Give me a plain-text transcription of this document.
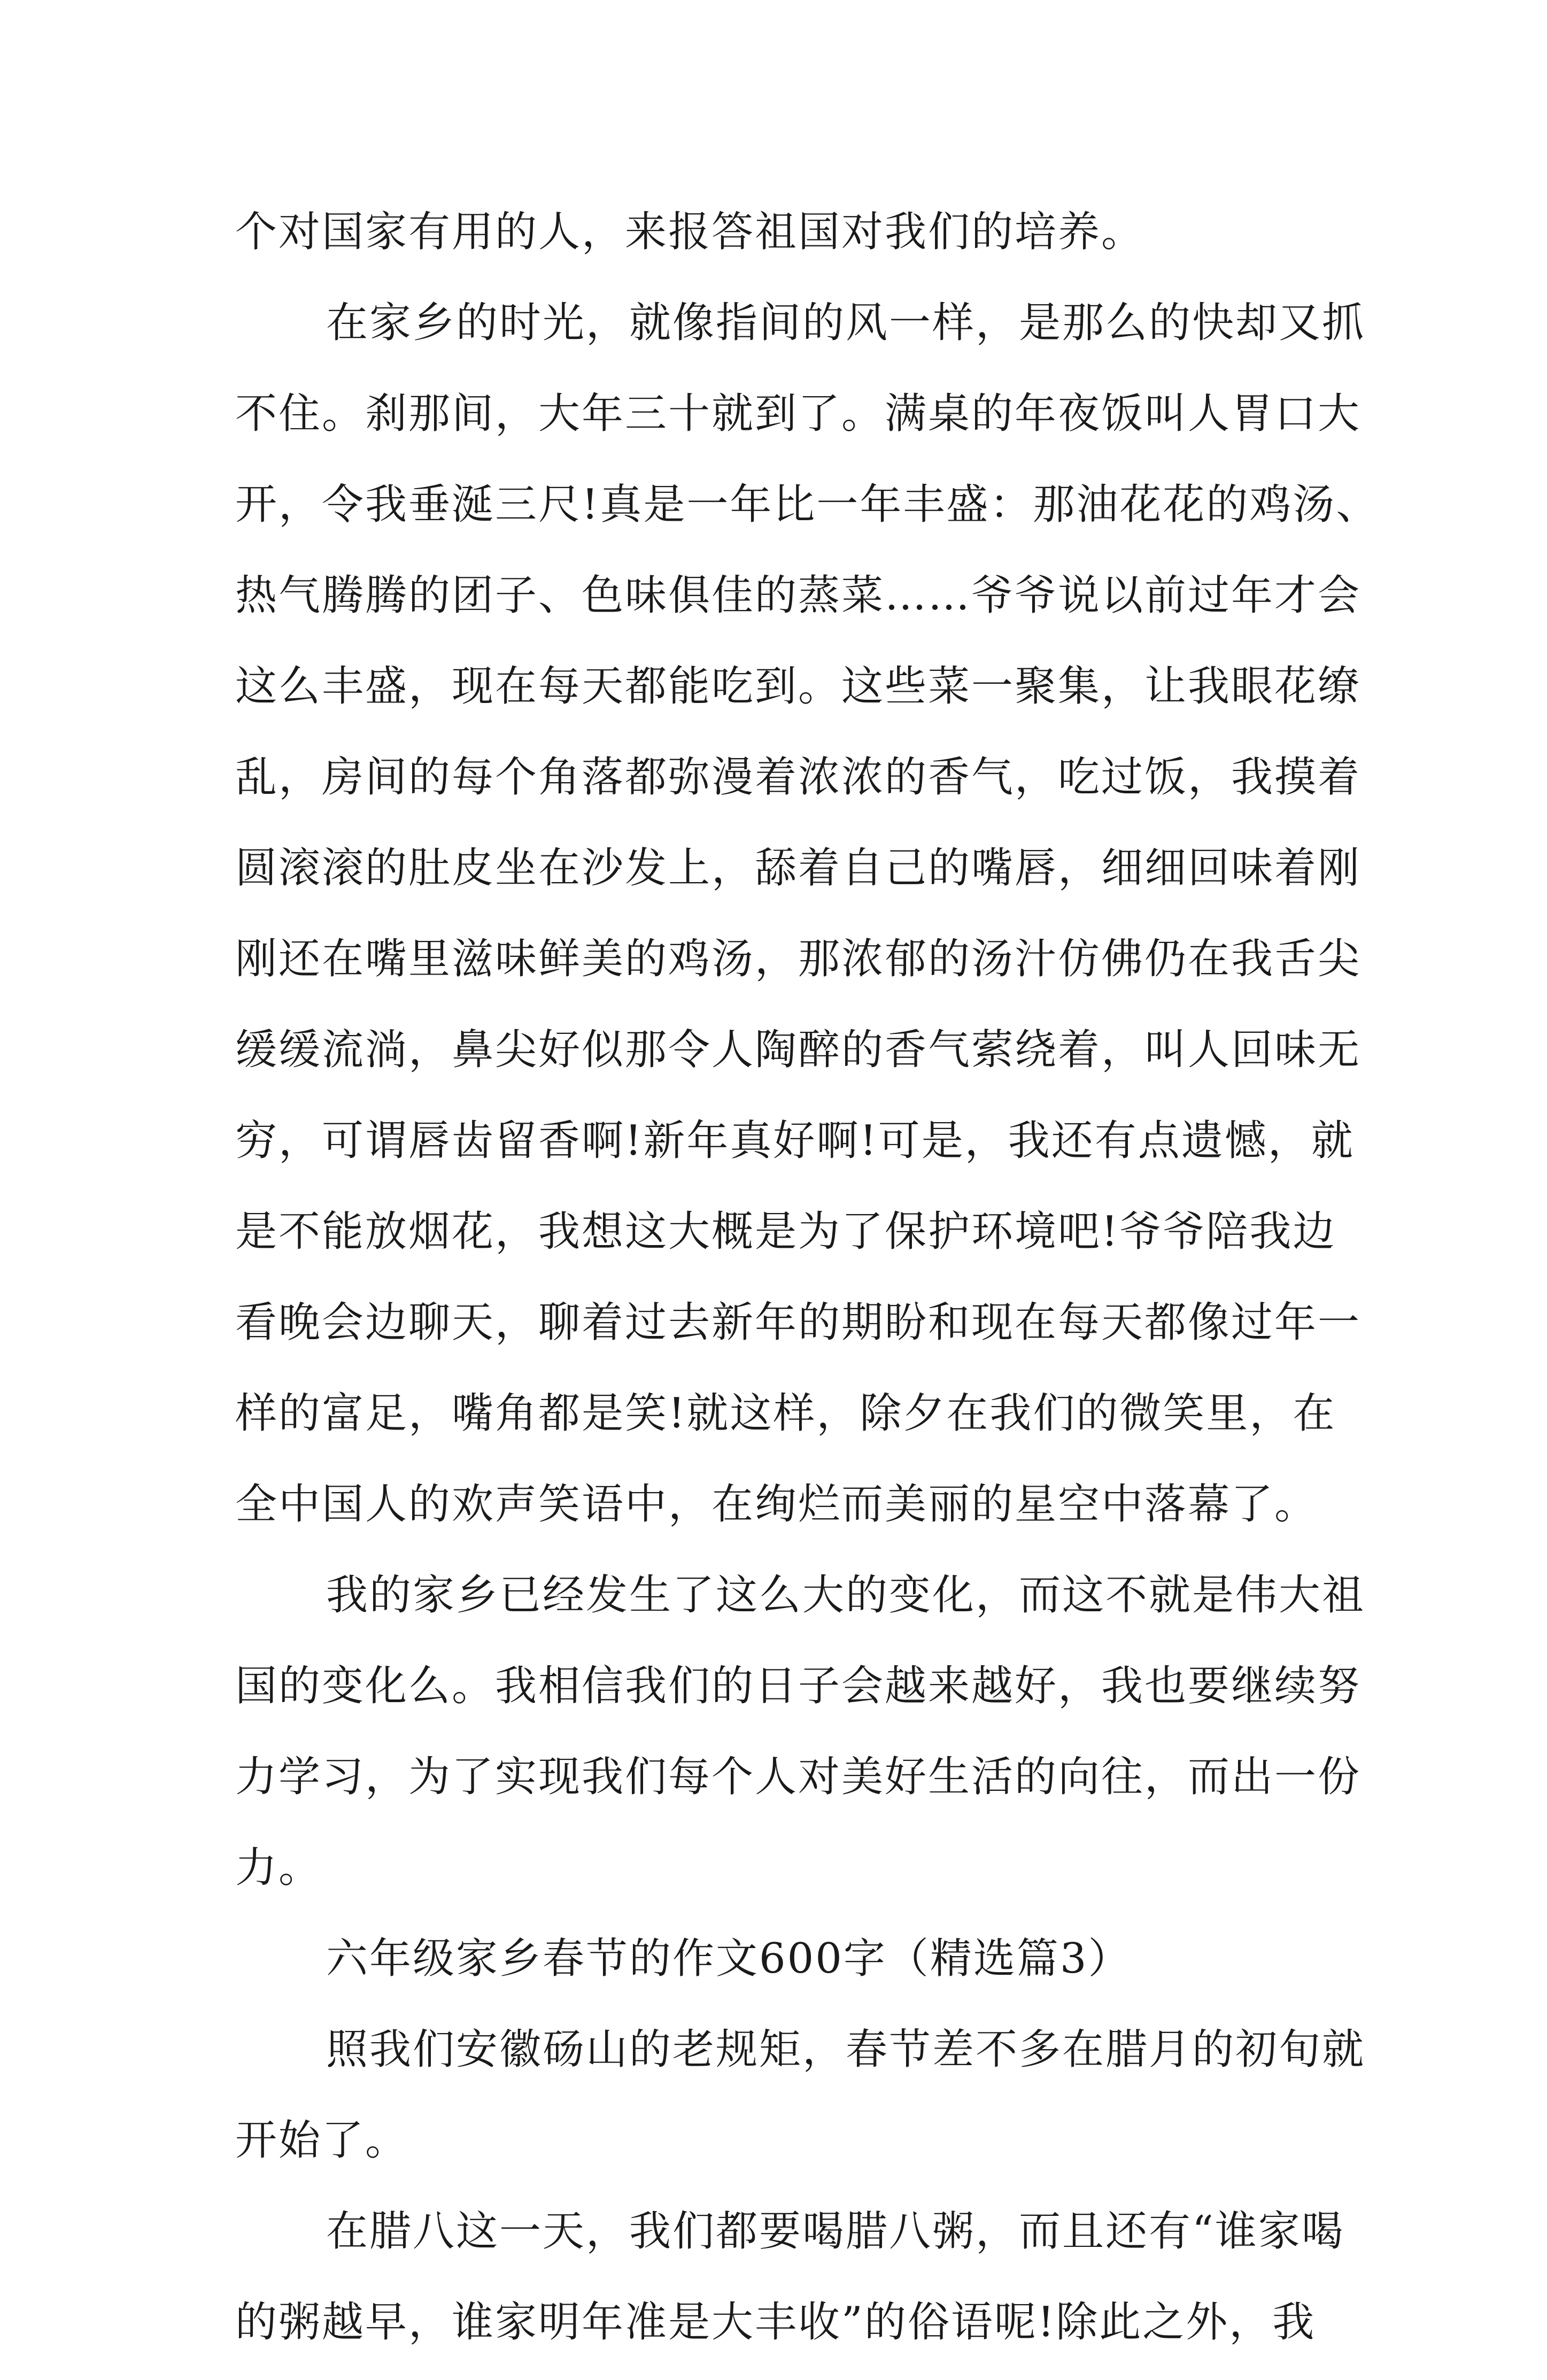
个对国家有用的人，来报答祖国对我们的培养。
在家乡的时光，就像指间的风一样，是那么的快却又抓
不住。刹那间，大年三十就到了。满桌的年夜饭叫人胃口大
开，令我垂涎三尺!真是一年比一年丰盛：那油花花的鸡汤、
热气腾腾的团子、色味俱佳的蒸菜……爷爷说以前过年才会
这么丰盛，现在每天都能吃到。这些菜一聚集，让我眼花缭
乱，房间的每个角落都弥漫着浓浓的香气，吃过饭，我摸着
圆滚滚的肚皮坐在沙发上，舔着自己的嘴唇，细细回味着刚
刚还在嘴里滋味鲜美的鸡汤，那浓郁的汤汁仿佛仍在我舌尖
缓缓流淌，鼻尖好似那令人陶醉的香气萦绕着，叫人回味无
穷，可谓唇齿留香啊!新年真好啊!可是，我还有点遗憾，就
是不能放烟花，我想这大概是为了保护环境吧!爷爷陪我边
看晚会边聊天，聊着过去新年的期盼和现在每天都像过年一
样的富足，嘴角都是笑!就这样，除夕在我们的微笑里，在
全中国人的欢声笑语中，在绚烂而美丽的星空中落幕了。
我的家乡已经发生了这么大的变化，而这不就是伟大祖
国的变化么。我相信我们的日子会越来越好，我也要继续努
力学习，为了实现我们每个人对美好生活的向往，而出一份
力。
六年级家乡春节的作文600字（精选篇3）
照我们安徽砀山的老规矩，春节差不多在腊月的初旬就
开始了。
在腊八这一天，我们都要喝腊八粥，而且还有“谁家喝
的粥越早，谁家明年准是大丰收”的俗语呢!除此之外，我
